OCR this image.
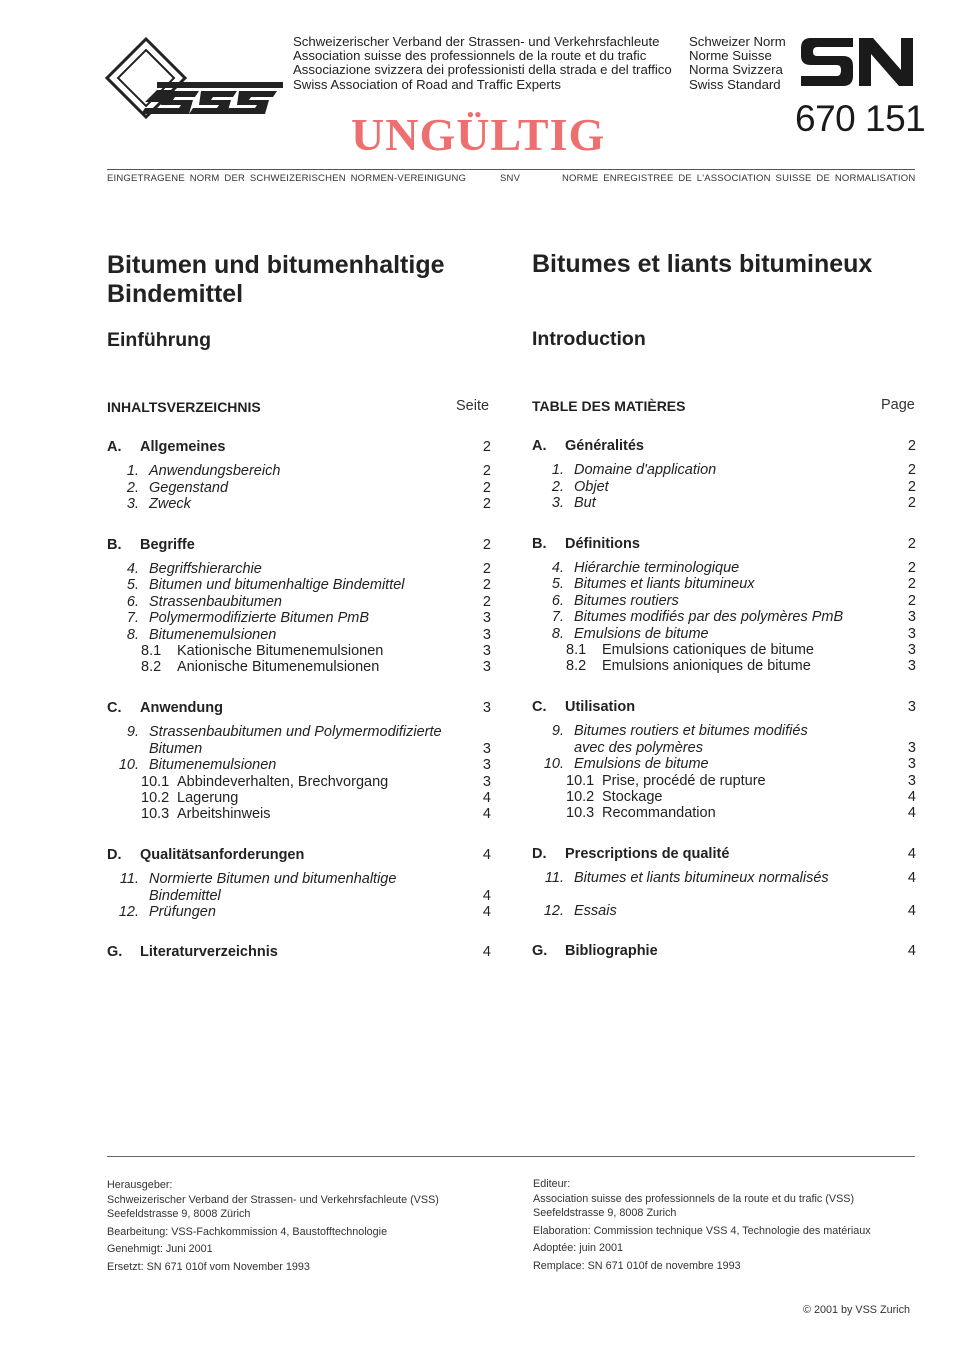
Schweizerischer Verband der Strassen- und Verkehrsfachleute
Association suisse des professionnels de la route et du trafic
Associazione svizzera dei professionisti della strada e del traffico
Swiss Association of Road and Traffic Experts
Schweizer Norm
Norme Suisse
Norma Svizzera
Swiss Standard
670 151
UNGÜLTIG
EINGETRAGENE NORM DER SCHWEIZERISCHEN NORMEN-VEREINIGUNG	SNV	NORME ENREGISTREE DE L'ASSOCIATION SUISSE DE NORMALISATION
Bitumen und bitumenhaltige
Bindemittel
Bitumes et liants bitumineux
Einführung	Introduction
INHALTSVERZEICHNIS	Seite	TABLE DES MATIÈRES	Page
A.	Allgemeines	2
1. Anwendungsbereich	2
2. Gegenstand	2
3. Zweck	2
B.	Begriffe	2
4. Begriffshierarchie	2
5. Bitumen und bitumenhaltige Bindemittel	2
6. Strassenbaubitumen	2
7. Polymermodifizierte Bitumen PmB	3
8. Bitumenemulsionen	3
8.1	Kationische Bitumenemulsionen	3
8.2	Anionische Bitumenemulsionen	3
C.	Anwendung	3
9. Strassenbaubitumen und Polymermodifizierte
Bitumen	3
10. Bitumenemulsionen	3
10.1 Abbindeverhalten, Brechvorgang	3
10.2 Lagerung	4
10.3 Arbeitshinweis	4
D.	Qualitätsanforderungen	4
11. Normierte Bitumen und bitumenhaltige
Bindemittel	4
12. Prüfungen	4
G.	Literaturverzeichnis	4
A.	Généralités	2
1. Domaine d'application	2
2. Objet	2
3. But	2
B.	Définitions	2
4. Hiérarchie terminologique	2
5. Bitumes et liants bitumineux	2
6. Bitumes routiers	2
7. Bitumes modifiés par des polymères PmB	3
8. Emulsions de bitume	3
8.1	Emulsions cationiques de bitume	3
8.2	Emulsions anioniques de bitume	3
C.	Utilisation	3
9. Bitumes routiers et bitumes modifiés
avec des polymères	3
10. Emulsions de bitume	3
10.1 Prise, procédé de rupture	3
10.2 Stockage	4
10.3 Recommandation	4
D.	Prescriptions de qualité	4
11. Bitumes et liants bitumineux normalisés	4
12. Essais	4
G.	Bibliographie	4
Herausgeber:
Schweizerischer Verband der Strassen- und Verkehrsfachleute (VSS)
Seefeldstrasse 9, 8008 Zürich
Bearbeitung: VSS-Fachkommission 4, Baustofftechnologie
Genehmigt: Juni 2001
Ersetzt: SN 671 010f vom November 1993
Editeur:
Association suisse des professionnels de la route et du trafic (VSS)
Seefeldstrasse 9, 8008 Zurich
Elaboration: Commission technique VSS 4, Technologie des matériaux
Adoptée: juin 2001
Remplace: SN 671 010f de novembre 1993
© 2001 by VSS Zurich
